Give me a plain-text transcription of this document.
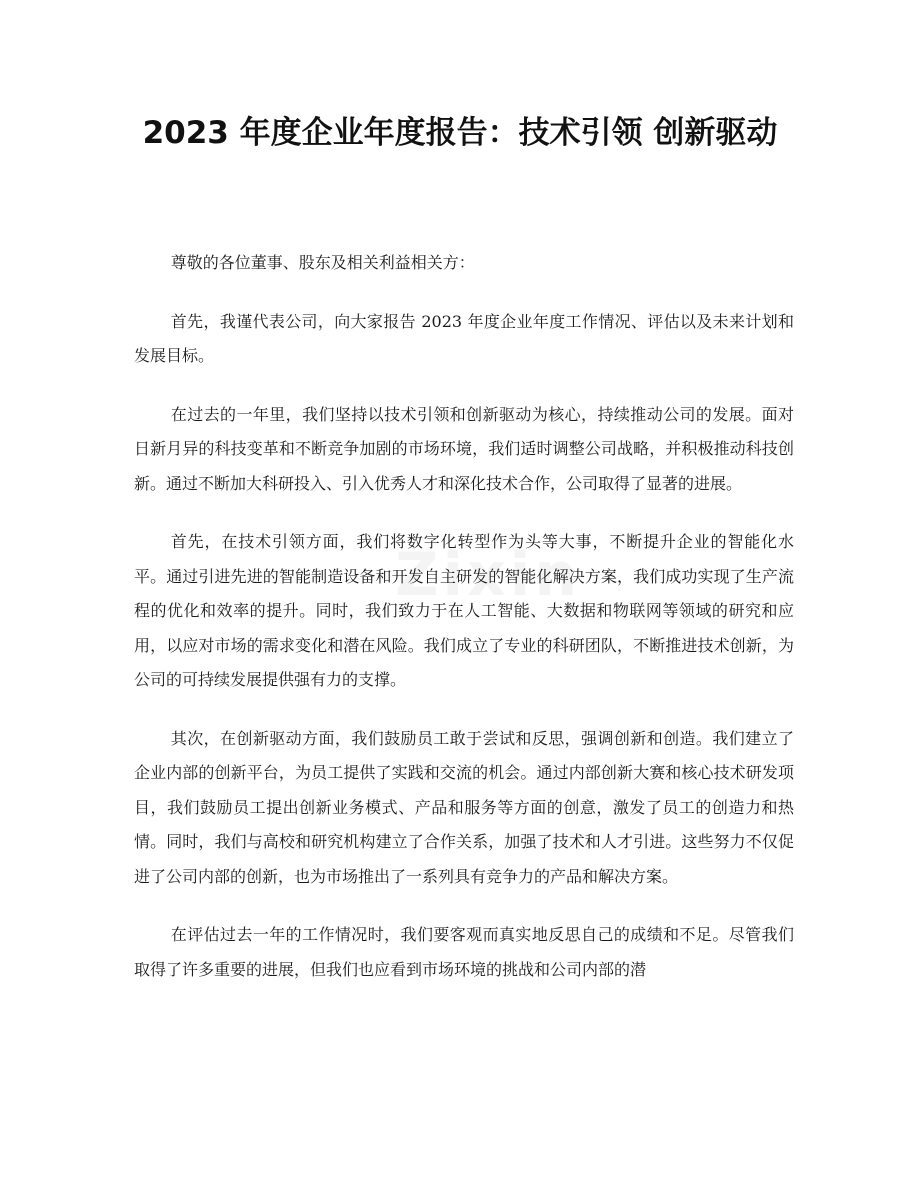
2023 年度企业年度报告：技术引领 创新驱动
Zixin

尊敬的各位董事、股东及相关利益相关方：

首先，我谨代表公司，向大家报告 2023 年度企业年度工作情况、评估以及未来计划和发展目标。

在过去的一年里，我们坚持以技术引领和创新驱动为核心，持续推动公司的发展。面对日新月异的科技变革和不断竞争加剧的市场环境，我们适时调整公司战略，并积极推动科技创新。通过不断加大科研投入、引入优秀人才和深化技术合作，公司取得了显著的进展。

首先，在技术引领方面，我们将数字化转型作为头等大事，不断提升企业的智能化水平。通过引进先进的智能制造设备和开发自主研发的智能化解决方案，我们成功实现了生产流程的优化和效率的提升。同时，我们致力于在人工智能、大数据和物联网等领域的研究和应用，以应对市场的需求变化和潜在风险。我们成立了专业的科研团队，不断推进技术创新，为公司的可持续发展提供强有力的支撑。

其次，在创新驱动方面，我们鼓励员工敢于尝试和反思，强调创新和创造。我们建立了企业内部的创新平台，为员工提供了实践和交流的机会。通过内部创新大赛和核心技术研发项目，我们鼓励员工提出创新业务模式、产品和服务等方面的创意，激发了员工的创造力和热情。同时，我们与高校和研究机构建立了合作关系，加强了技术和人才引进。这些努力不仅促进了公司内部的创新，也为市场推出了一系列具有竞争力的产品和解决方案。

在评估过去一年的工作情况时，我们要客观而真实地反思自己的成绩和不足。尽管我们取得了许多重要的进展，但我们也应看到市场环境的挑战和公司内部的潜
